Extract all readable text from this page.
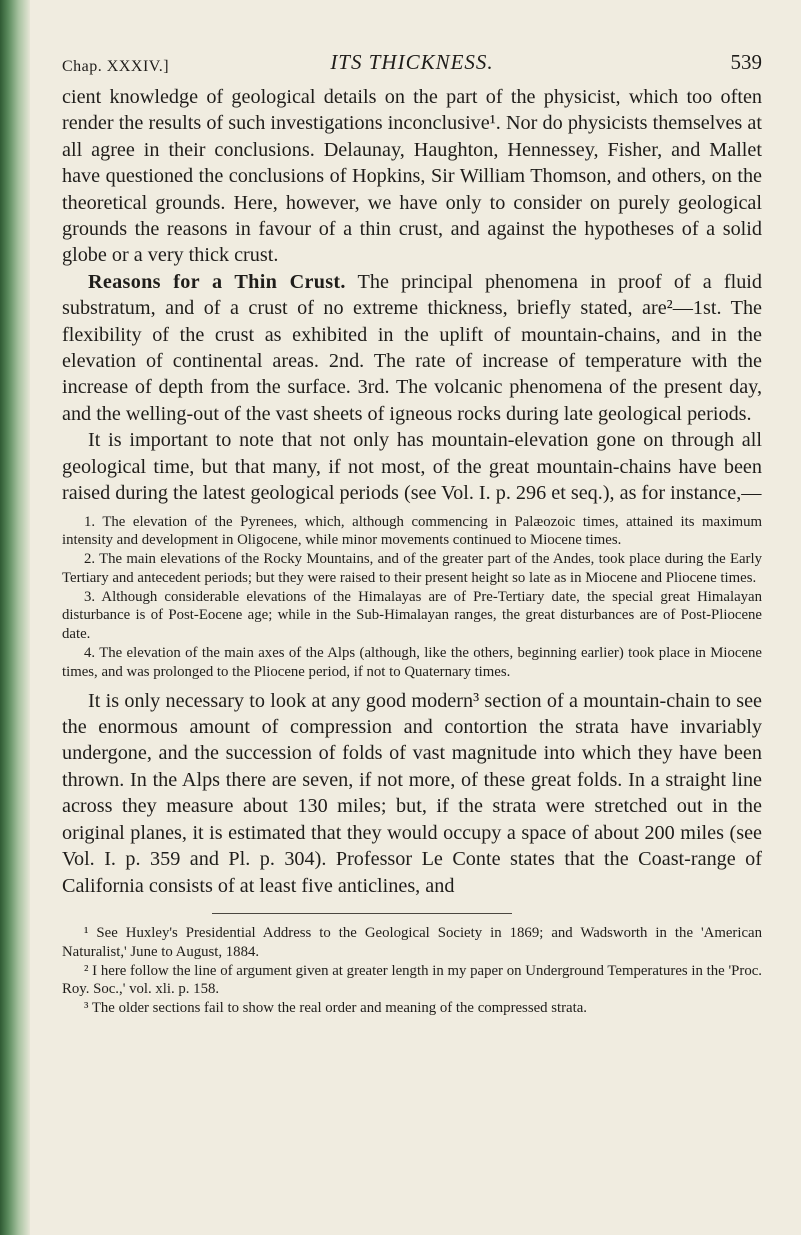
Chap. XXXIV.]	ITS THICKNESS.	539

cient knowledge of geological details on the part of the physicist, which too often render the results of such investigations inconclusive¹. Nor do physicists themselves at all agree in their conclusions. Delaunay, Haughton, Hennessey, Fisher, and Mallet have questioned the conclusions of Hopkins, Sir William Thomson, and others, on the theoretical grounds. Here, however, we have only to consider on purely geological grounds the reasons in favour of a thin crust, and against the hypotheses of a solid globe or a very thick crust.

Reasons for a Thin Crust. The principal phenomena in proof of a fluid substratum, and of a crust of no extreme thickness, briefly stated, are²—1st. The flexibility of the crust as exhibited in the uplift of mountain-chains, and in the elevation of continental areas. 2nd. The rate of increase of temperature with the increase of depth from the surface. 3rd. The volcanic phenomena of the present day, and the welling-out of the vast sheets of igneous rocks during late geological periods.

It is important to note that not only has mountain-elevation gone on through all geological time, but that many, if not most, of the great mountain-chains have been raised during the latest geological periods (see Vol. I. p. 296 et seq.), as for instance,—

1. The elevation of the Pyrenees, which, although commencing in Palæozoic times, attained its maximum intensity and development in Oligocene, while minor movements continued to Miocene times.

2. The main elevations of the Rocky Mountains, and of the greater part of the Andes, took place during the Early Tertiary and antecedent periods; but they were raised to their present height so late as in Miocene and Pliocene times.

3. Although considerable elevations of the Himalayas are of Pre-Tertiary date, the special great Himalayan disturbance is of Post-Eocene age; while in the Sub-Himalayan ranges, the great disturbances are of Post-Pliocene date.

4. The elevation of the main axes of the Alps (although, like the others, beginning earlier) took place in Miocene times, and was prolonged to the Pliocene period, if not to Quaternary times.

It is only necessary to look at any good modern³ section of a mountain-chain to see the enormous amount of compression and contortion the strata have invariably undergone, and the succession of folds of vast magnitude into which they have been thrown. In the Alps there are seven, if not more, of these great folds. In a straight line across they measure about 130 miles; but, if the strata were stretched out in the original planes, it is estimated that they would occupy a space of about 200 miles (see Vol. I. p. 359 and Pl. p. 304). Professor Le Conte states that the Coast-range of California consists of at least five anticlines, and

¹ See Huxley's Presidential Address to the Geological Society in 1869; and Wadsworth in the 'American Naturalist,' June to August, 1884.

² I here follow the line of argument given at greater length in my paper on Underground Temperatures in the 'Proc. Roy. Soc.,' vol. xli. p. 158.

³ The older sections fail to show the real order and meaning of the compressed strata.
